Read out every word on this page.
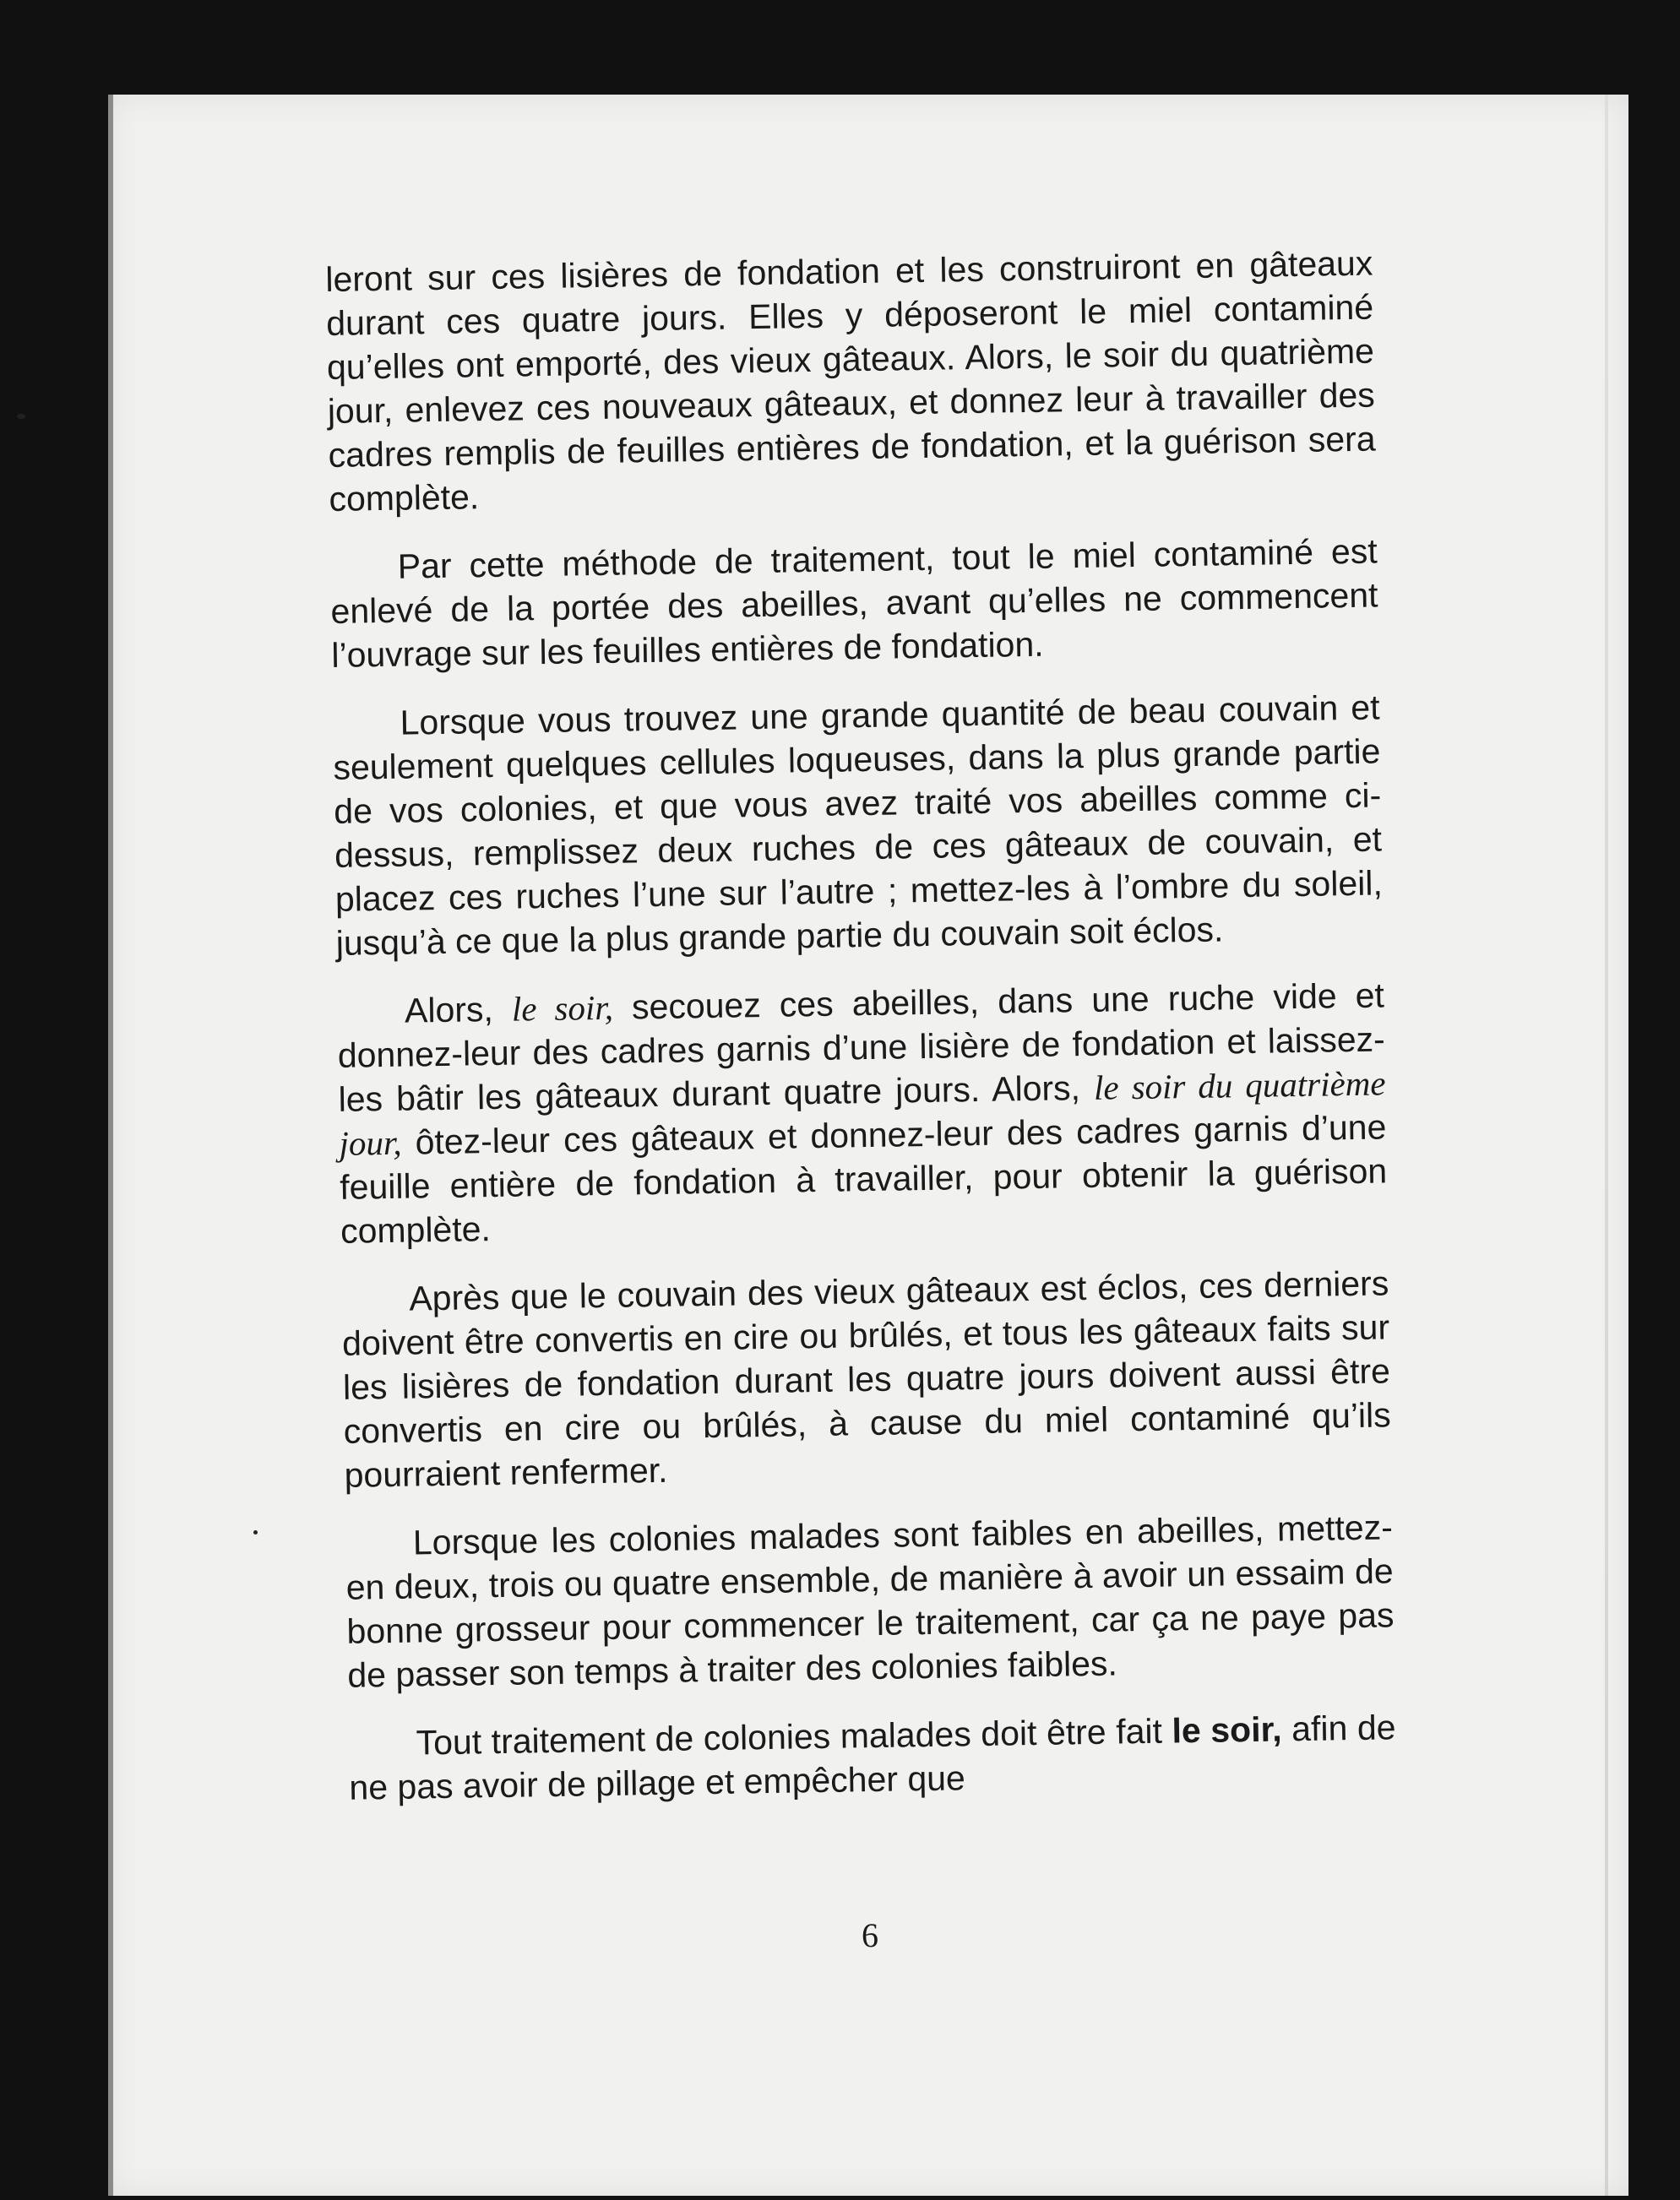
leront sur ces lisières de fondation et les construiront en gâteaux durant ces quatre jours. Elles y déposeront le miel contaminé qu’elles ont emporté, des vieux gâteaux. Alors, le soir du quatrième jour, enlevez ces nouveaux gâteaux, et donnez leur à travailler des cadres remplis de feuilles entières de fondation, et la guérison sera complète.

Par cette méthode de traitement, tout le miel contaminé est enlevé de la portée des abeilles, avant qu’elles ne commencent l’ouvrage sur les feuilles entières de fondation.

Lorsque vous trouvez une grande quantité de beau couvain et seulement quelques cellules loqueuses, dans la plus grande partie de vos colonies, et que vous avez traité vos abeilles comme ci-dessus, remplissez deux ruches de ces gâteaux de couvain, et placez ces ruches l’une sur l’autre ; mettez-les à l’ombre du soleil, jusqu’à ce que la plus grande partie du couvain soit éclos.

Alors, le soir, secouez ces abeilles, dans une ruche vide et donnez-leur des cadres garnis d’une lisière de fondation et laissez-les bâtir les gâteaux durant quatre jours. Alors, le soir du quatrième jour, ôtez-leur ces gâteaux et donnez-leur des cadres garnis d’une feuille entière de fondation à travailler, pour obtenir la guérison complète.

Après que le couvain des vieux gâteaux est éclos, ces derniers doivent être convertis en cire ou brûlés, et tous les gâteaux faits sur les lisières de fondation durant les quatre jours doivent aussi être convertis en cire ou brûlés, à cause du miel contaminé qu’ils pourraient renfermer.

Lorsque les colonies malades sont faibles en abeilles, mettez-en deux, trois ou quatre ensemble, de manière à avoir un essaim de bonne grosseur pour commencer le traitement, car ça ne paye pas de passer son temps à traiter des colonies faibles.

Tout traitement de colonies malades doit être fait le soir, afin de ne pas avoir de pillage et empêcher que

6
